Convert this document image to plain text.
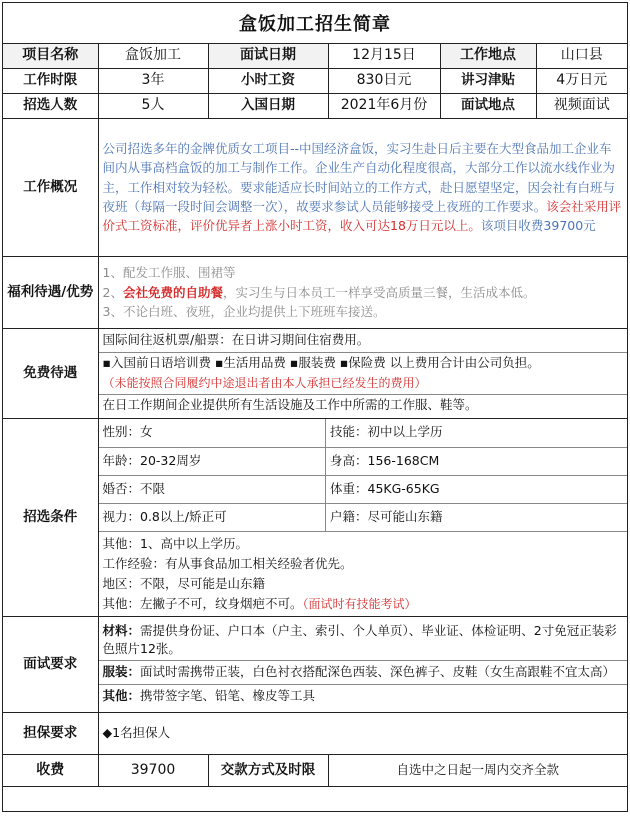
盒饭加工招生简章
项目名称	盒饭加工	面试日期	12月15日	工作地点	山口县
工作时限	3年	小时工资	830日元	讲习津贴	4万日元
招选人数	5人	入国日期	2021年6月份	面试地点	视频面试
工作概况	公司招选多年的金牌优质女工项目--中国经济盒饭，实习生赴日后主要在大型食品加工企业车间内从事高档盒饭的加工与制作工作。企业生产自动化程度很高，大部分工作以流水线作业为主，工作相对较为轻松。要求能适应长时间站立的工作方式，赴日愿望坚定，因会社有白班与夜班（每隔一段时间会调整一次），故要求参试人员能够接受上夜班的工作要求。该会社采用评价式工资标准，评价优异者上涨小时工资，收入可达18万日元以上。该项目收费39700元
福利待遇/优势	
1、配发工作服、围裙等
2、会社免费的自助餐，实习生与日本员工一样享受高质量三餐，生活成本低。
3、不论白班、夜班，企业均提供上下班班车接送。

免费待遇	
国际间往返机票/船票：在日讲习期间住宿费用。
▪入国前日语培训费 ▪生活用品费 ▪服装费 ▪保险费 以上费用合计由公司负担。
（未能按照合同履约中途退出者由本人承担已经发生的费用）
在日工作期间企业提供所有生活设施及工作中所需的工作服、鞋等。

招选条件	
性别：女	技能：初中以上学历
年龄：20-32周岁	身高：156-168CM
婚否：不限	体重：45KG-65KG
视力：0.8以上/矫正可	户籍：尽可能山东籍

其他：1、高中以上学历。
工作经验：有从事食品加工相关经验者优先。
地区：不限，尽可能是山东籍
其他：左撇子不可，纹身烟疤不可。（面试时有技能考试）

面试要求	
材料：需提供身份证、户口本（户主、索引、个人单页）、毕业证、体检证明、2寸免冠正装彩色照片12张。
服装：面试时需携带正装，白色衬衣搭配深色西装、深色裤子、皮鞋（女生高跟鞋不宜太高）
其他：携带签字笔、铅笔、橡皮等工具

担保要求	◆1名担保人
收费	39700	交款方式及时限	自选中之日起一周内交齐全款
